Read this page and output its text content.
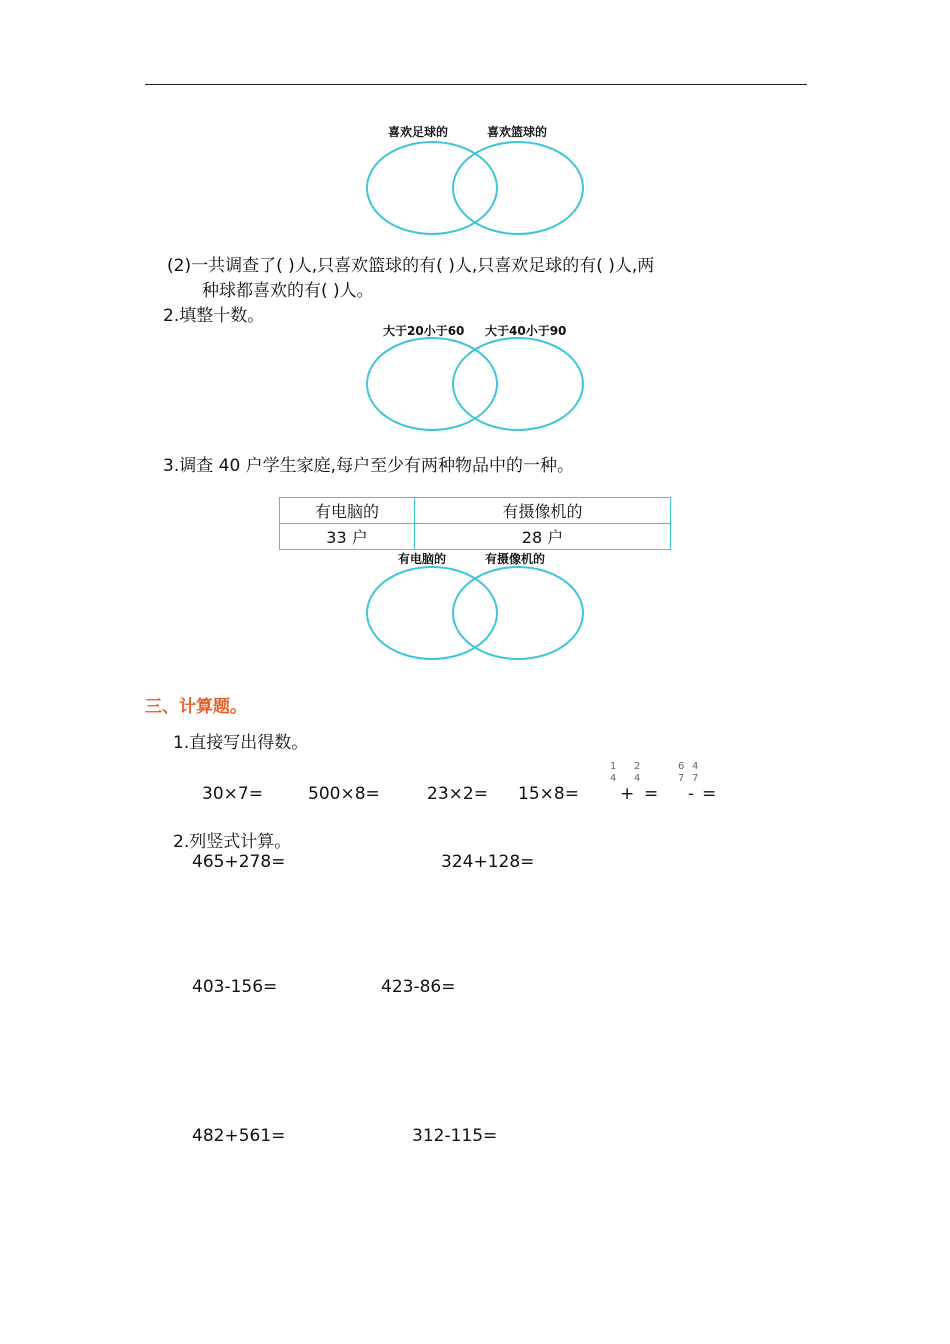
喜欢足球的	喜欢篮球的
(2)一共调查了( )人,只喜欢篮球的有( )人,只喜欢足球的有( )人,两
种球都喜欢的有( )人。
2.填整十数。
大于20小于60 大于40小于90
3.调查 40 户学生家庭,每户至少有两种物品中的一种。
有电脑的	有摄像机的
33 户	28 户
有电脑的	有摄像机的
三、计算题。
1.直接写出得数。
30×7=	500×8=	23×2= 15×8=
1
4
+
2
4
=
6
7
4
7
- =
2.列竖式计算。
465+278=	324+128=
403-156=	423-86=
482+561=	312-115=
